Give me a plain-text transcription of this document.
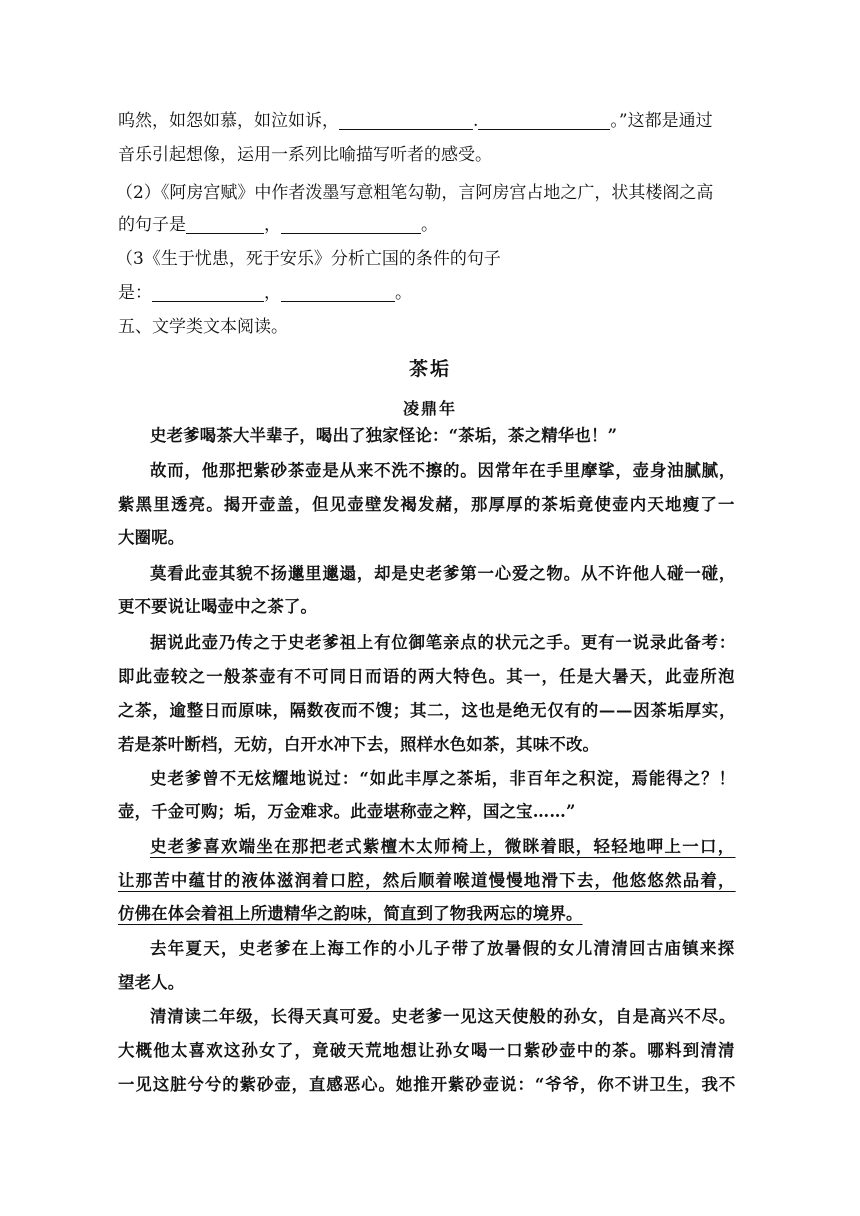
呜然，如怨如慕，如泣如诉，	.	。”这都是通过
音乐引起想像，运用一系列比喻描写听者的感受。
（2）《阿房宫赋》中作者泼墨写意粗笔勾勒，言阿房宫占地之广，状其楼阁之高
的句子是	，	。
（3《生于忧患，死于安乐》分析亡国的条件的句子
是：	，	。
五、文学类文本阅读。
茶垢
凌鼎年
史老爹喝茶大半辈子，喝出了独家怪论：“茶垢，茶之精华也！”
故而，他那把紫砂茶壶是从来不洗不擦的。因常年在手里摩挲，壶身油腻腻，
紫黑里透亮。揭开壶盖，但见壶壁发褐发赭，那厚厚的茶垢竟使壶内天地瘦了一
大圈呢。
莫看此壶其貌不扬邋里邋遢，却是史老爹第一心爱之物。从不许他人碰一碰，
更不要说让喝壶中之茶了。
据说此壶乃传之于史老爹祖上有位御笔亲点的状元之手。更有一说录此备考：
即此壶较之一般茶壶有不可同日而语的两大特色。其一，任是大暑天，此壶所泡
之茶，逾整日而原味，隔数夜而不馊；其二，这也是绝无仅有的——因茶垢厚实，
若是茶叶断档，无妨，白开水冲下去，照样水色如茶，其味不改。
史老爹曾不无炫耀地说过：“如此丰厚之茶垢，非百年之积淀，焉能得之？！
壶，千金可购；垢，万金难求。此壶堪称壶之粹，国之宝……”
史老爹喜欢端坐在那把老式紫檀木太师椅上，微眯着眼，轻轻地呷上一口，
让那苦中蕴甘的液体滋润着口腔，然后顺着喉道慢慢地滑下去，他悠悠然品着，
仿佛在体会着祖上所遗精华之韵味，简直到了物我两忘的境界。
去年夏天，史老爹在上海工作的小儿子带了放暑假的女儿清清回古庙镇来探
望老人。
清清读二年级，长得天真可爱。史老爹一见这天使般的孙女，自是高兴不尽。
大概他太喜欢这孙女了，竟破天荒地想让孙女喝一口紫砂壶中的茶。哪料到清清
一见这脏兮兮的紫砂壶，直感恶心。她推开紫砂壶说：“爷爷，你不讲卫生，我不
